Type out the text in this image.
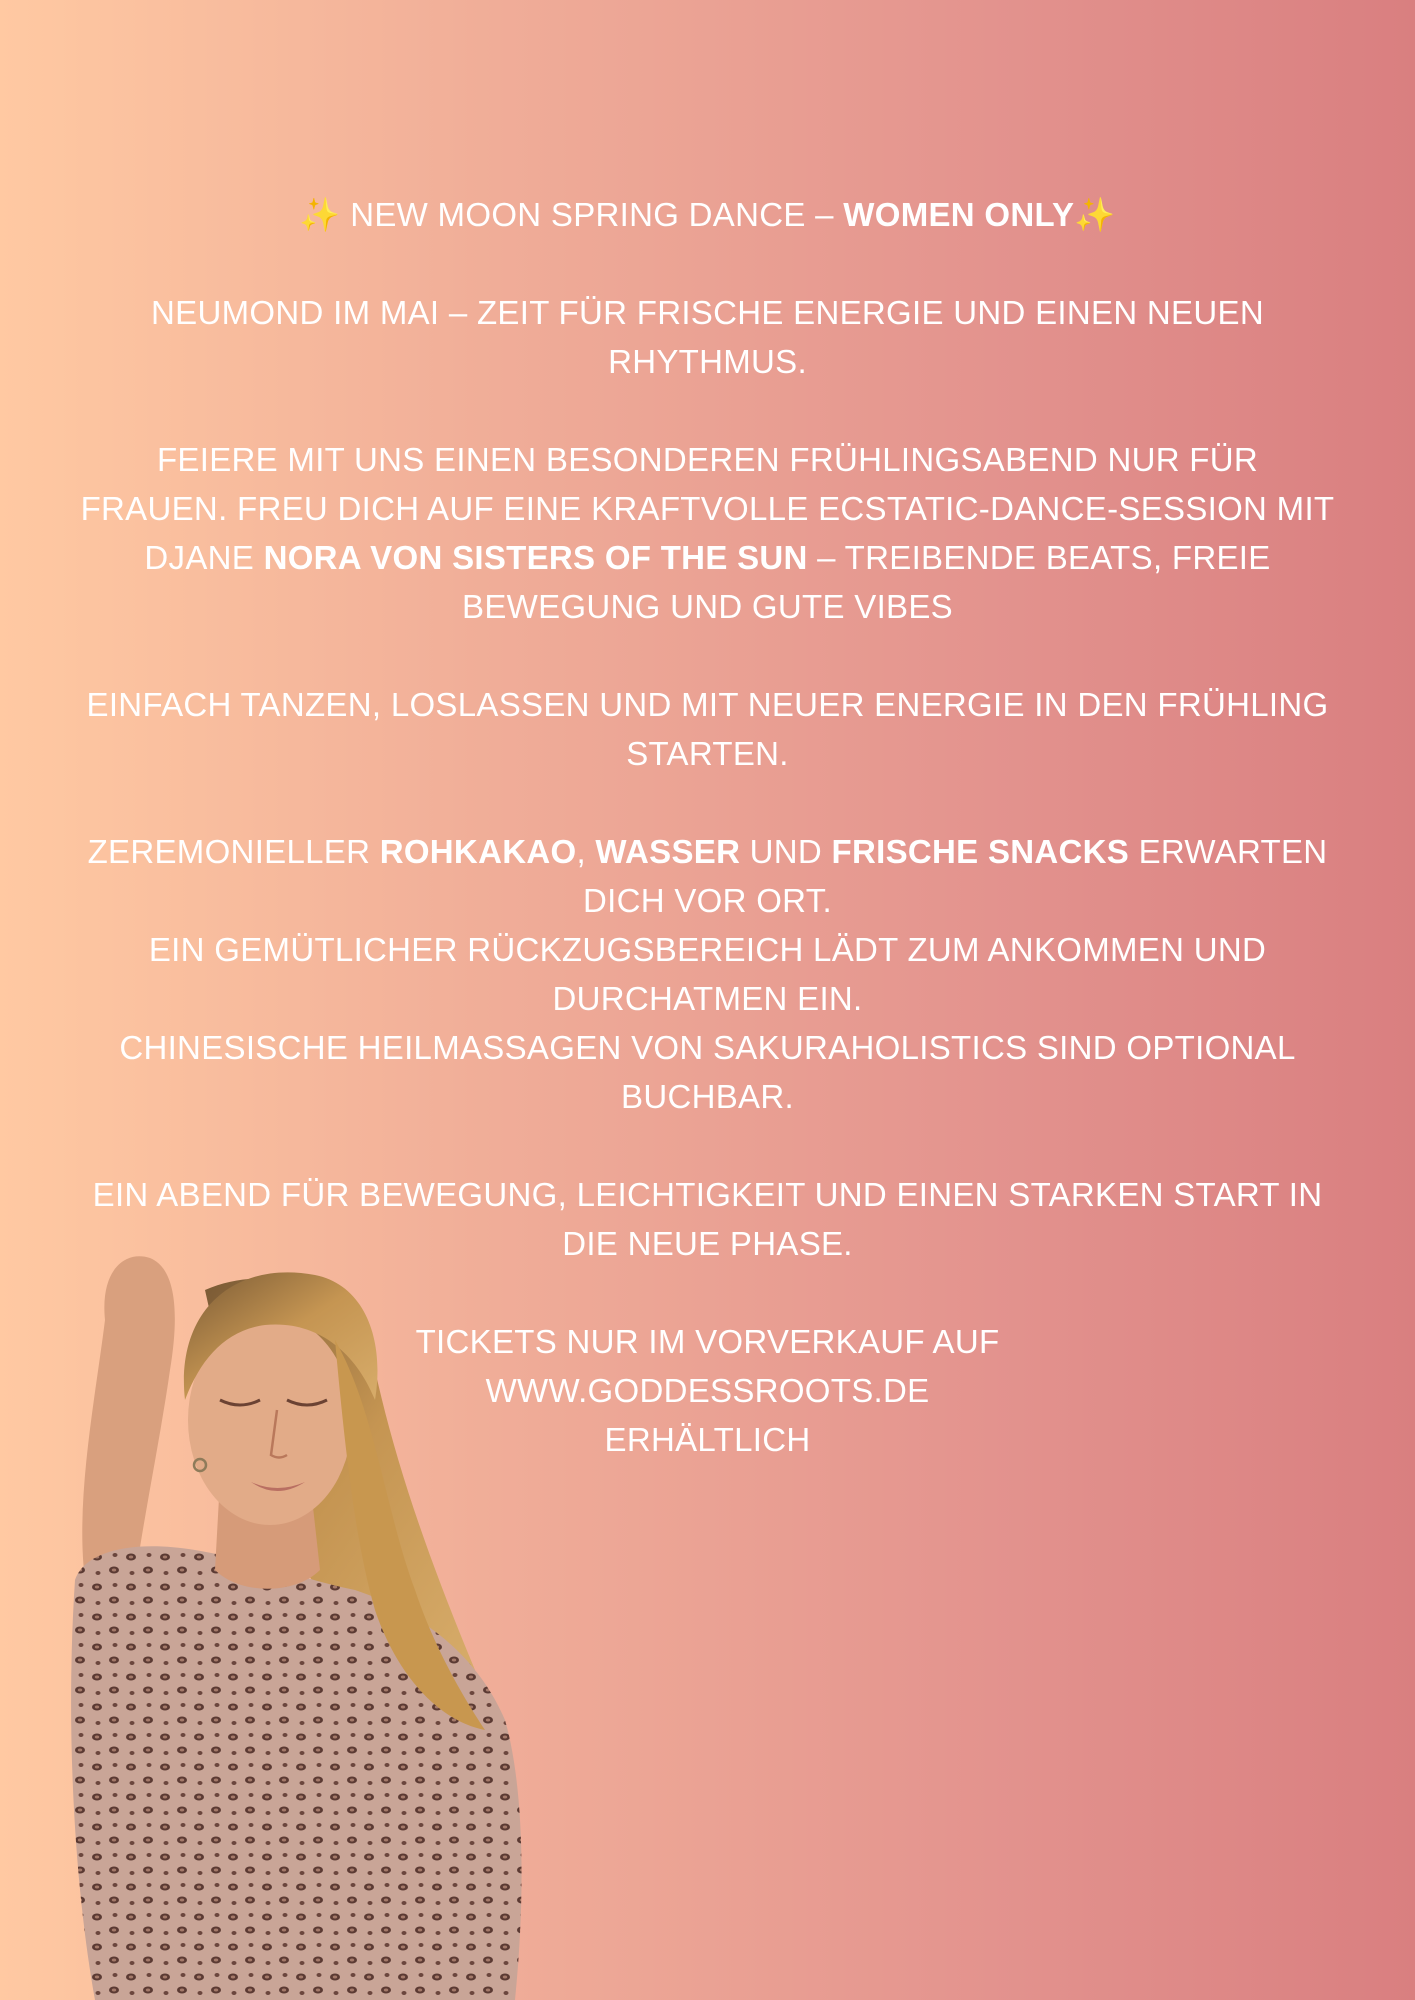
✨ NEW MOON SPRING DANCE – WOMEN ONLY✨

NEUMOND IM MAI – ZEIT FÜR FRISCHE ENERGIE UND EINEN NEUEN RHYTHMUS.

FEIERE MIT UNS EINEN BESONDEREN FRÜHLINGSABEND NUR FÜR FRAUEN. FREU DICH AUF EINE KRAFTVOLLE ECSTATIC-DANCE-SESSION MIT DJANE NORA VON SISTERS OF THE SUN – TREIBENDE BEATS, FREIE BEWEGUNG UND GUTE VIBES

EINFACH TANZEN, LOSLASSEN UND MIT NEUER ENERGIE IN DEN FRÜHLING STARTEN.

ZEREMONIELLER ROHKAKAO, WASSER UND FRISCHE SNACKS ERWARTEN DICH VOR ORT.
EIN GEMÜTLICHER RÜCKZUGSBEREICH LÄDT ZUM ANKOMMEN UND DURCHATMEN EIN.
CHINESISCHE HEILMASSAGEN VON SAKURAHOLISTICS SIND OPTIONAL BUCHBAR.

EIN ABEND FÜR BEWEGUNG, LEICHTIGKEIT UND EINEN STARKEN START IN DIE NEUE PHASE.

TICKETS NUR IM VORVERKAUF AUF
WWW.GODDESSROOTS.DE
ERHÄLTLICH
